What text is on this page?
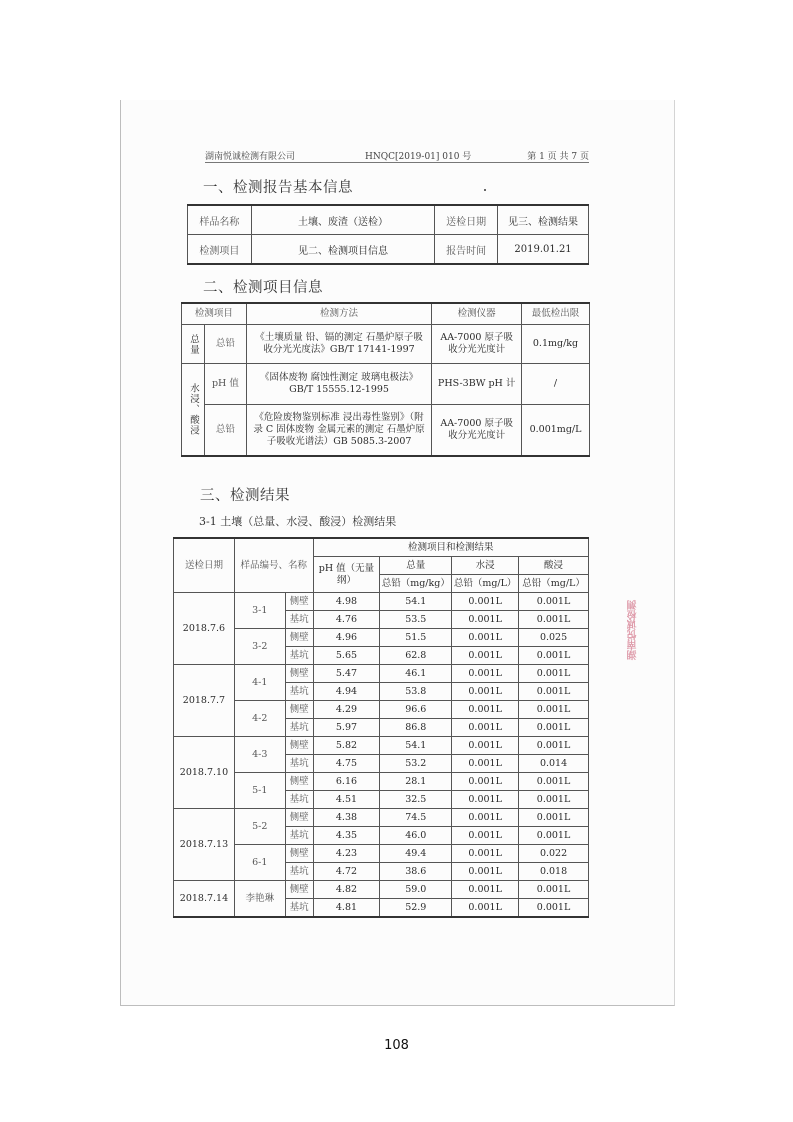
湖南悦诚检测有限公司	HNQC[2019-01] 010 号	第 1 页 共 7 页
一、检测报告基本信息
样品名称	土壤、废渣（送检）	送检日期	见三、检测结果
检测项目	见二、检测项目信息	报告时间	2019.01.21
二、检测项目信息
检测项目		检测方法	检测仪器	最低检出限
总量	总铅	《土壤质量 铅、镉的测定 石墨炉原子吸收分光光度法》GB/T 17141-1997	AA-7000 原子吸收分光光度计	0.1mg/kg
水浸、酸浸	pH 值	《固体废物 腐蚀性测定 玻璃电极法》GB/T 15555.12-1995	PHS-3BW pH 计	/
	总铅	《危险废物鉴别标准 浸出毒性鉴别》（附录 C 固体废物 金属元素的测定 石墨炉原子吸收光谱法）GB 5085.3-2007	AA-7000 原子吸收分光光度计	0.001mg/L
三、检测结果
3-1 土壤（总量、水浸、酸浸）检测结果
送检日期	样品编号、名称		检测项目和检测结果			
			pH 值（无量纲）	总量	水浸	酸浸
				总铅（mg/kg）	总铅（mg/L）	总铅（mg/L）
2018.7.6	3-1	侧壁	4.98	54.1	0.001L	0.001L
		基坑	4.76	53.5	0.001L	0.001L
	3-2	侧壁	4.96	51.5	0.001L	0.025
		基坑	5.65	62.8	0.001L	0.001L
2018.7.7	4-1	侧壁	5.47	46.1	0.001L	0.001L
		基坑	4.94	53.8	0.001L	0.001L
	4-2	侧壁	4.29	96.6	0.001L	0.001L
		基坑	5.97	86.8	0.001L	0.001L
2018.7.10	4-3	侧壁	5.82	54.1	0.001L	0.001L
		基坑	4.75	53.2	0.001L	0.014
	5-1	侧壁	6.16	28.1	0.001L	0.001L
		基坑	4.51	32.5	0.001L	0.001L
2018.7.13	5-2	侧壁	4.38	74.5	0.001L	0.001L
		基坑	4.35	46.0	0.001L	0.001L
	6-1	侧壁	4.23	49.4	0.001L	0.022
		基坑	4.72	38.6	0.001L	0.018
2018.7.14	李艳琳	侧壁	4.82	59.0	0.001L	0.001L
		基坑	4.81	52.9	0.001L	0.001L
湖南悦诚检测
108
